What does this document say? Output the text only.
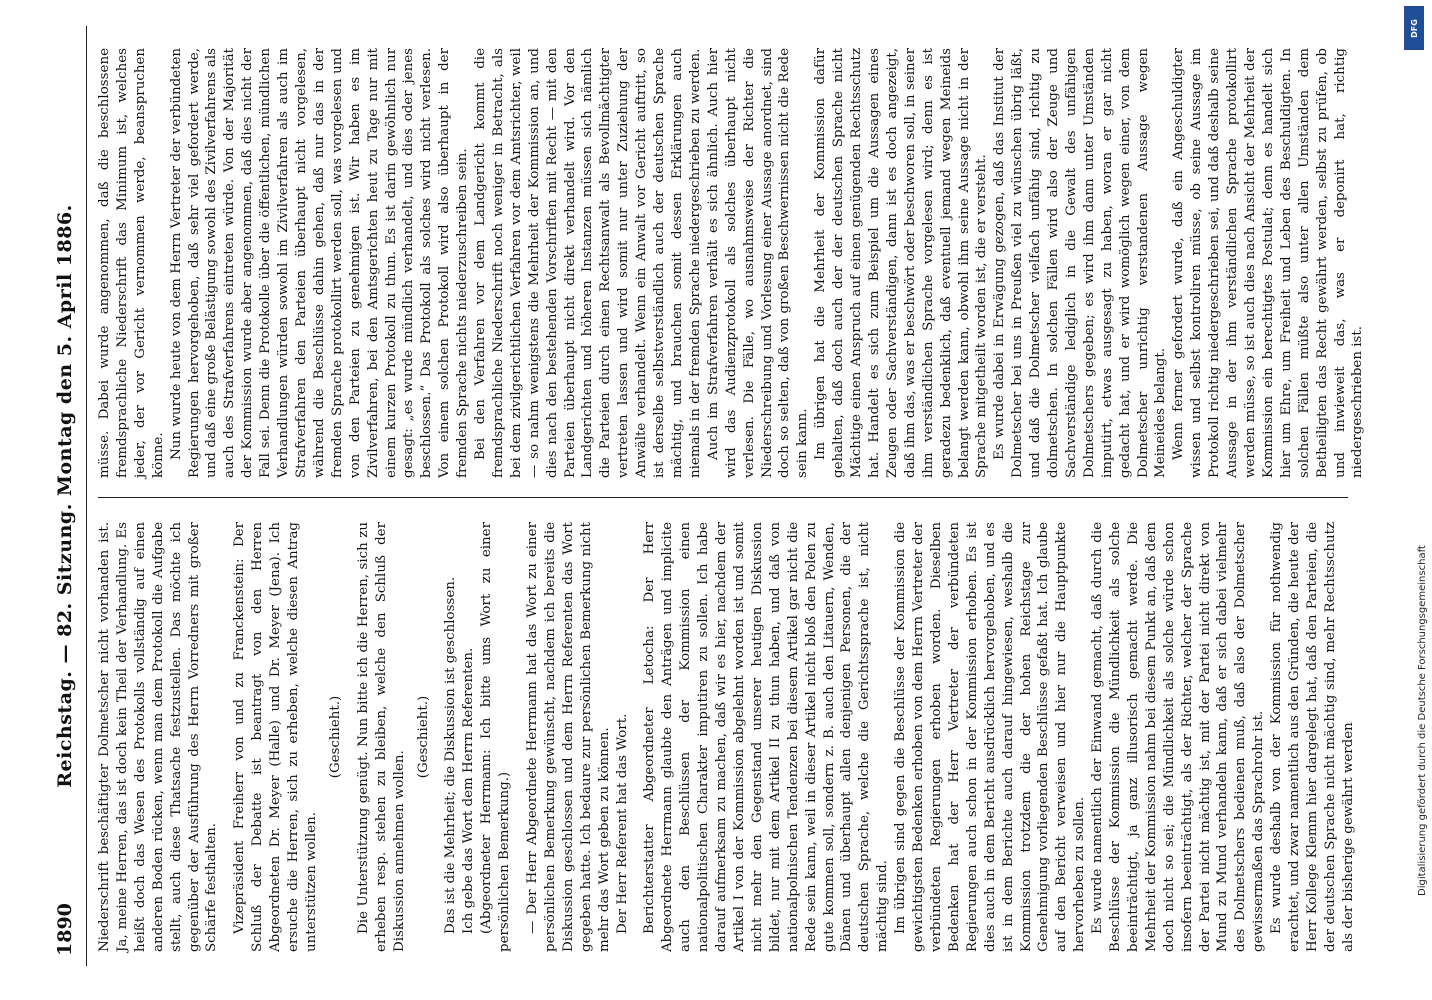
1890
Reichstag. — 82. Sitzung. Montag den 5. April 1886. Niederschrift beschäftigter Dolmetscher nicht vorhanden ist. Ja, meine Herren, das ist doch kein Theil der Verhandlung. Es heißt doch das Wesen des Protokolls vollständig auf einen anderen Boden rücken, wenn man dem Protokoll die Aufgabe stellt, auch diese Thatsache festzustellen. Das möchte ich gegenüber der Ausführung des Herrn Vorredners mit großer Schärfe festhalten. Vizepräsident Freiherr von und zu Franckenstein: Der Schluß der Debatte ist beantragt von den Herren Abgeordneten Dr. Meyer (Halle) und Dr. Meyer (Jena). Ich ersuche die Herren, sich zu erheben, welche diesen Antrag unterstützen wollen.

(Geschieht.) Die Unterstützung genügt. Nun bitte ich die Herren, sich zu erheben resp. stehen zu bleiben, welche den Schluß der Diskussion annehmen wollen.

(Geschieht.) Das ist die Mehrheit; die Diskussion ist geschlossen. Ich gebe das Wort dem Herrn Referenten. (Abgeordneter Herrmann: Ich bitte ums Wort zu einer persönlichen Bemerkung.) — Der Herr Abgeordnete Herrmann hat das Wort zu einer persönlichen Bemerkung gewünscht, nachdem ich bereits die Diskussion geschlossen und dem Herrn Referenten das Wort gegeben hatte. Ich bedaure zur persönlichen Bemerkung nicht mehr das Wort geben zu können. Der Herr Referent hat das Wort. Berichterstatter Abgeordneter Letocha: Der Herr Abgeordnete Herrmann glaubte den Anträgen und implicite auch den Beschlüssen der Kommission einen nationalpolitischen Charakter imputiren zu sollen. Ich habe darauf aufmerksam zu machen, daß wir es hier, nachdem der Artikel I von der Kommission abgelehnt worden ist und somit nicht mehr den Gegenstand unserer heutigen Diskussion bildet, nur mit dem Artikel II zu thun haben, und daß von nationalpolnischen Tendenzen bei diesem Artikel gar nicht die Rede sein kann, weil in dieser Artikel nicht bloß den Polen zu gute kommen soll, sondern z. B. auch den Litauern, Wenden, Dänen und überhaupt allen denjenigen Personen, die der deutschen Sprache, welche die Gerichtssprache ist, nicht mächtig sind. Im übrigen sind gegen die Beschlüsse der Kommission die gewichtigsten Bedenken erhoben von dem Herrn Vertreter der verbündeten Regierungen erhoben worden. Dieselben Bedenken hat der Herr Vertreter der verbündeten Regierungen auch schon in der Kommission erhoben. Es ist dies auch in dem Bericht ausdrücklich hervorgehoben, und es ist in dem Berichte auch darauf hingewiesen, weshalb die Kommission trotzdem die der hohen Reichstage zur Genehmigung vorliegenden Beschlüsse gefaßt hat. Ich glaube auf den Bericht verweisen und hier nur die Hauptpunkte hervorheben zu sollen. Es wurde namentlich der Einwand gemacht, daß durch die Beschlüsse der Kommission die Mündlichkeit als solche beeinträchtigt, ja ganz illusorisch gemacht werde. Die Mehrheit der Kommission nahm bei diesem Punkt an, daß dem doch nicht so sei; die Mündlichkeit als solche würde schon insofern beeinträchtigt, als der Richter, welcher der Sprache der Partei nicht mächtig ist, mit der Partei nicht direkt von Mund zu Mund verhandeln kann, daß er sich dabei vielmehr des Dolmetschers bedienen muß, daß also der Dolmetscher gewissermaßen das Sprachrohr ist. Es wurde deshalb von der Kommission für nothwendig erachtet, und zwar namentlich aus den Gründen, die heute der Herr Kollege Klemm hier dargelegt hat, daß den Parteien, die der deutschen Sprache nicht mächtig sind, mehr Rechtsschutz als der bisherige gewährt werden

müsse. Dabei wurde angenommen, daß die beschlossene fremdsprachliche Niederschrift das Minimum ist, welches jeder, der vor Gericht vernommen werde, beanspruchen könne. Nun wurde heute von dem Herrn Vertreter der verbündeten Regierungen hervorgehoben, daß sehr viel gefordert werde, und daß eine große Belästigung sowohl des Zivilverfahrens als auch des Strafverfahrens eintreten würde. Von der Majorität der Kommission wurde aber angenommen, daß dies nicht der Fall sei. Denn die Protokolle über die öffentlichen, mündlichen Verhandlungen würden sowohl im Zivilverfahren als auch im Strafverfahren den Parteien überhaupt nicht vorgelesen, während die Beschlüsse dahin gehen, daß nur das in der fremden Sprache protokollirt werden soll, was vorgelesen und von den Parteien zu genehmigen ist. Wir haben es im Zivilverfahren, bei den Amtsgerichten heut zu Tage nur mit einem kurzen Protokoll zu thun. Es ist darin gewöhnlich nur gesagt: „es wurde mündlich verhandelt, und dies oder jenes beschlossen.“ Das Protokoll als solches wird nicht verlesen. Von einem solchen Protokoll wird also überhaupt in der fremden Sprache nichts niederzuschreiben sein. Bei den Verfahren vor dem Landgericht kommt die fremdsprachliche Niederschrift noch weniger in Betracht, als bei dem zivilgerichtlichen Verfahren vor dem Amtsrichter, weil — so nahm wenigstens die Mehrheit der Kommission an, und dies nach den bestehenden Vorschriften mit Recht — mit den Parteien überhaupt nicht direkt verhandelt wird. Vor den Landgerichten und höheren Instanzen müssen sich nämlich die Parteien durch einen Rechtsanwalt als Bevollmächtigter vertreten lassen und wird somit nur unter Zuziehung der Anwälte verhandelt. Wenn ein Anwalt vor Gericht auftritt, so ist derselbe selbstverständlich auch der deutschen Sprache mächtig, und brauchen somit dessen Erklärungen auch niemals in der fremden Sprache niedergeschrieben zu werden. Auch im Strafverfahren verhält es sich ähnlich. Auch hier wird das Audienzprotokoll als solches überhaupt nicht verlesen. Die Fälle, wo ausnahmsweise der Richter die Niederschreibung und Vorlesung einer Aussage anordnet, sind doch so selten, daß von großen Beschwernissen nicht die Rede sein kann. Im übrigen hat die Mehrheit der Kommission dafür gehalten, daß doch auch der der deutschen Sprache nicht Mächtige einen Anspruch auf einen genügenden Rechtsschutz hat. Handelt es sich zum Beispiel um die Aussagen eines Zeugen oder Sachverständigen, dann ist es doch angezeigt, daß ihm das, was er beschwört oder beschworen soll, in seiner ihm verständlichen Sprache vorgelesen wird; denn es ist geradezu bedenklich, daß eventuell jemand wegen Meineids belangt werden kann, obwohl ihm seine Aussage nicht in der Sprache mitgetheilt worden ist, die er versteht. Es wurde dabei in Erwägung gezogen, daß das Institut der Dolmetscher bei uns in Preußen viel zu wünschen übrig läßt, und daß die Dolmetscher vielfach unfähig sind, richtig zu dolmetschen. In solchen Fällen wird also der Zeuge und Sachverständige lediglich in die Gewalt des unfähigen Dolmetschers gegeben; es wird ihm dann unter Umständen imputirt, etwas ausgesagt zu haben, woran er gar nicht gedacht hat, und er wird womöglich wegen einer, von dem Dolmetscher unrichtig verstandenen Aussage wegen Meineides belangt. Wenn ferner gefordert wurde, daß ein Angeschuldigter wissen und selbst kontroliren müsse, ob seine Aussage im Protokoll richtig niedergeschrieben sei, und daß deshalb seine Aussage in der ihm verständlichen Sprache protokollirt werden müsse, so ist auch dies nach Ansicht der Mehrheit der Kommission ein berechtigtes Postulat; denn es handelt sich hier um Ehre, um Freiheit und Leben des Beschuldigten. In solchen Fällen müßte also unter allen Umständen dem Betheiligten das Recht gewährt werden, selbst zu prüfen, ob und inwieweit das, was er deponirt hat, richtig niedergeschrieben ist.

DFG
Digitalisierung gefördert durch die Deutsche Forschungsgemeinschaft
